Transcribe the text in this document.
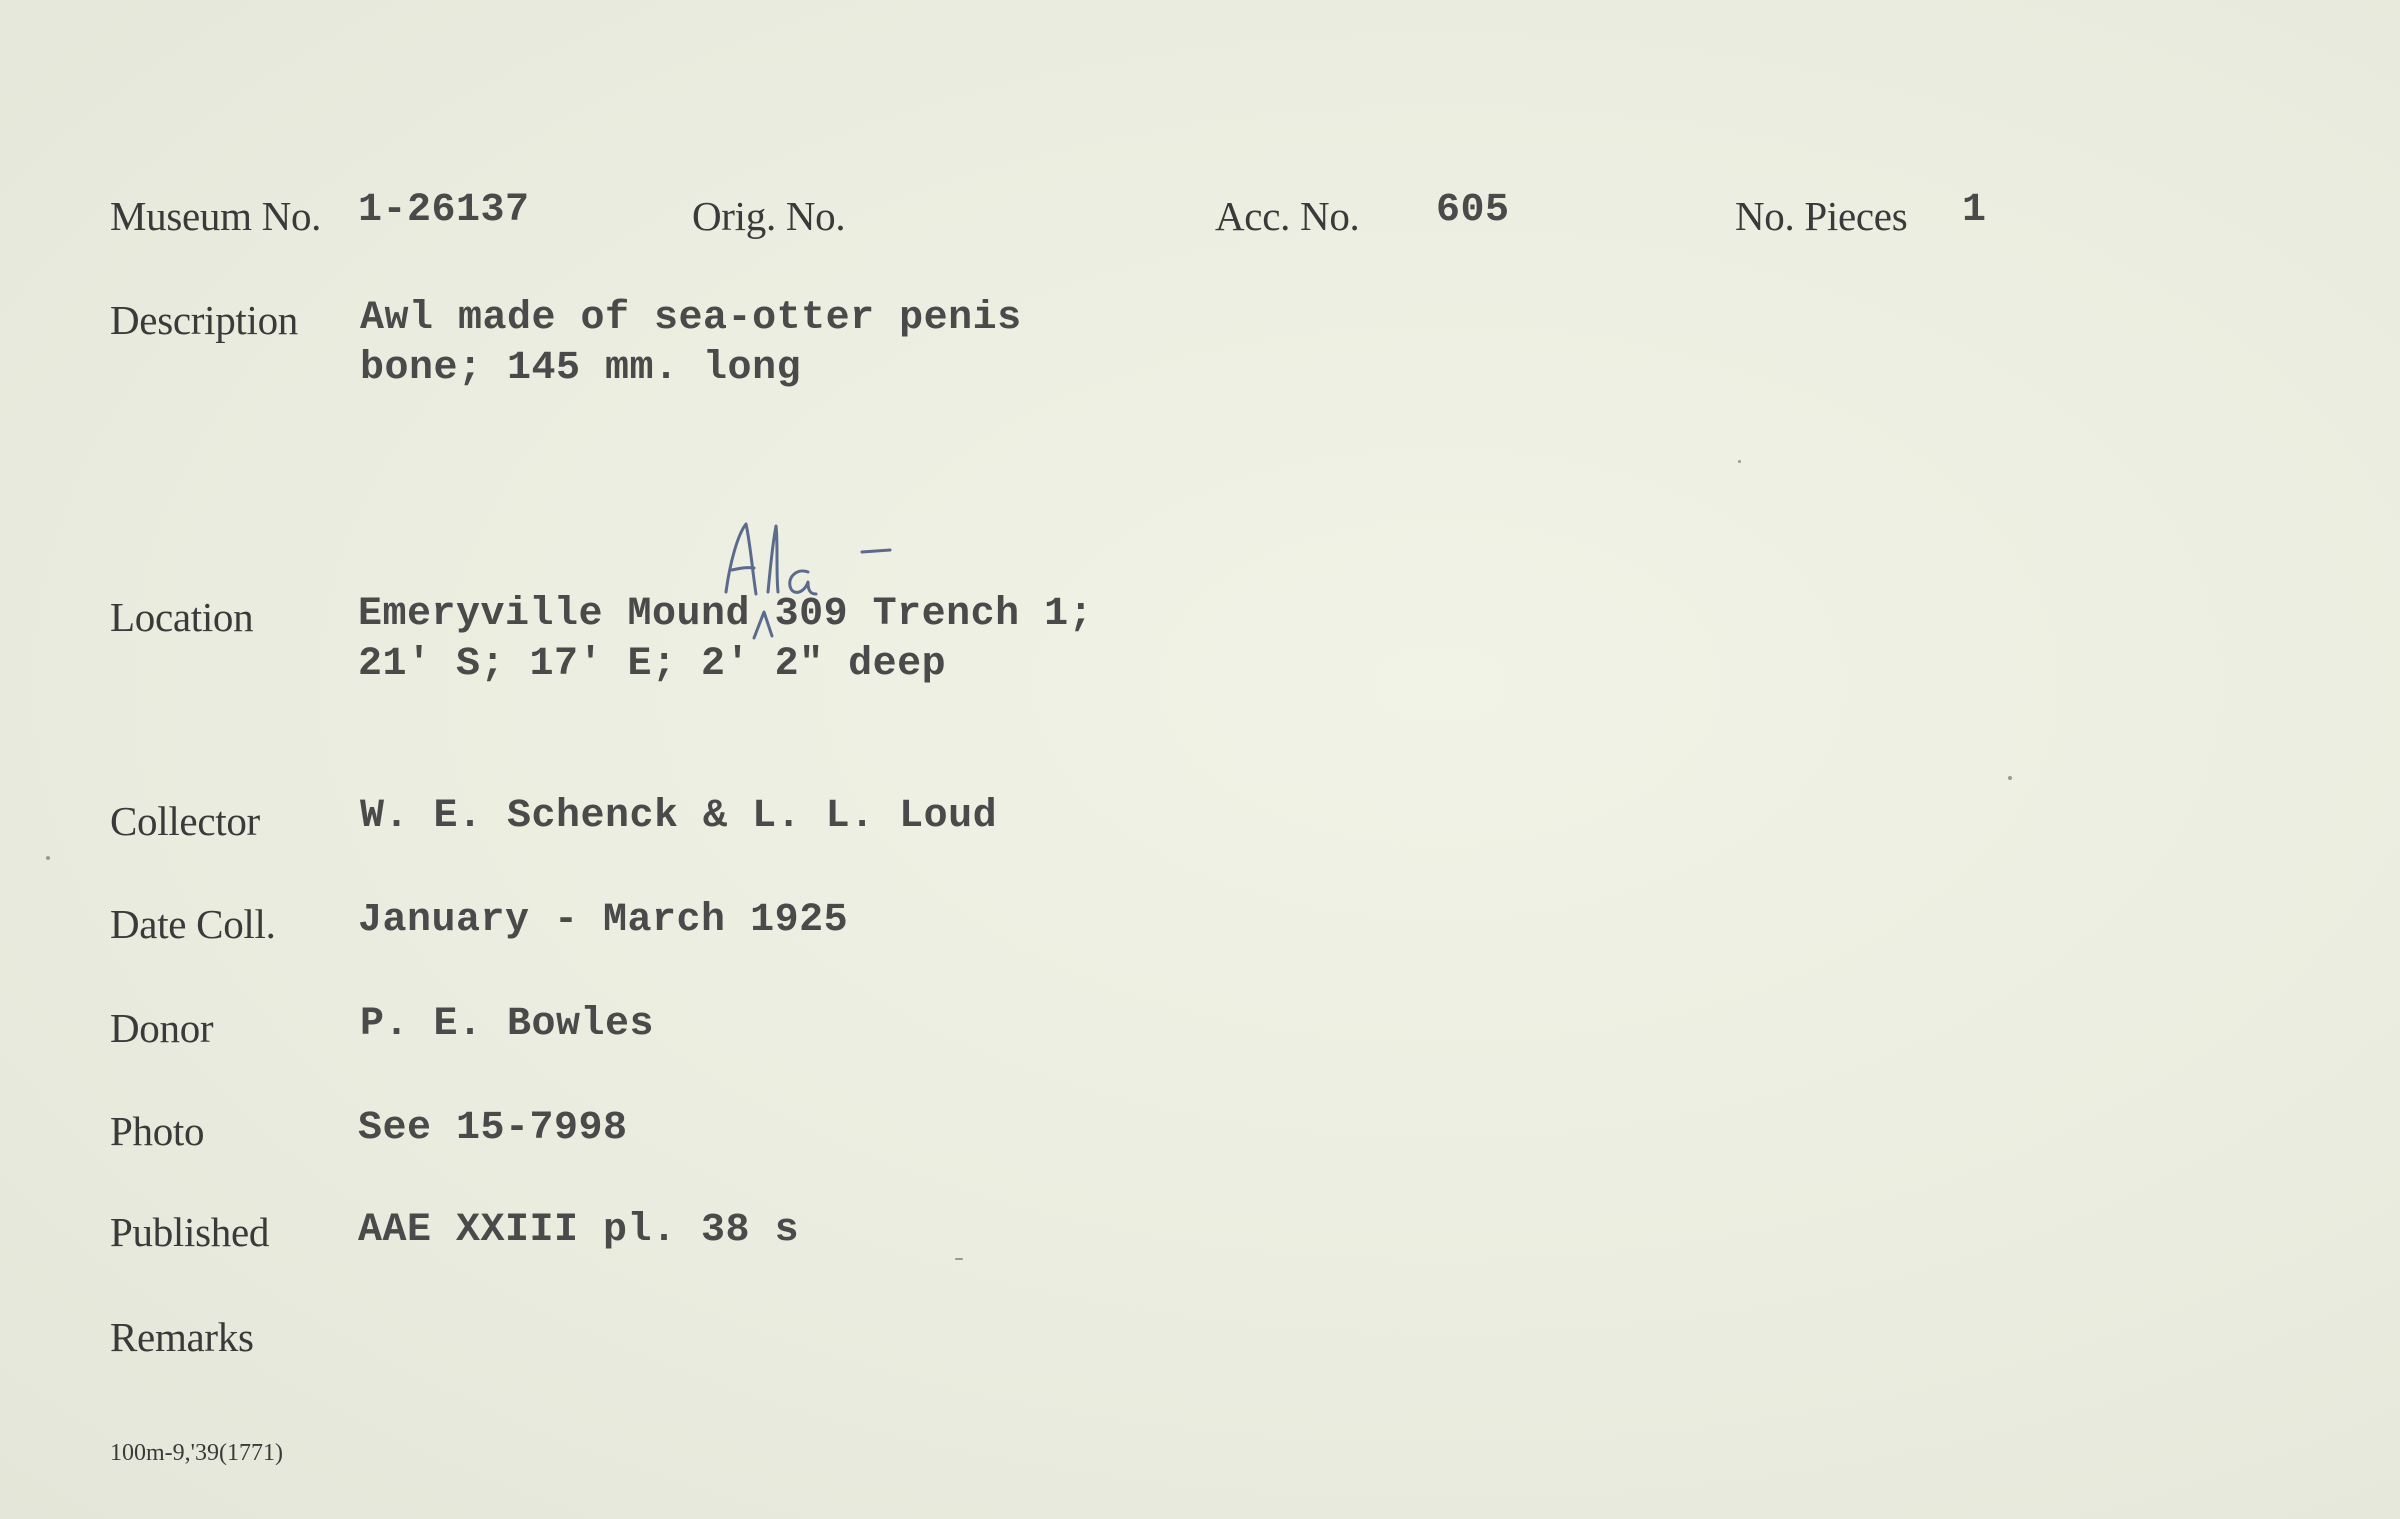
Museum No. 1-26137	Orig. No.	Acc. No. 605	No. Pieces 1
Description Awl made of sea-otter penis
bone; 145 mm. long
Location	Emeryville Mound 309 Trench 1;
21' S; 17' E; 2' 2" deep
Collector	W. E. Schenck & L. L. Loud
Date Coll. January - March 1925
Donor	P. E. Bowles
Photo	See 15-7998
Published AAE XXIII pl. 38 s
Remarks
100m-9,'39(1771)
